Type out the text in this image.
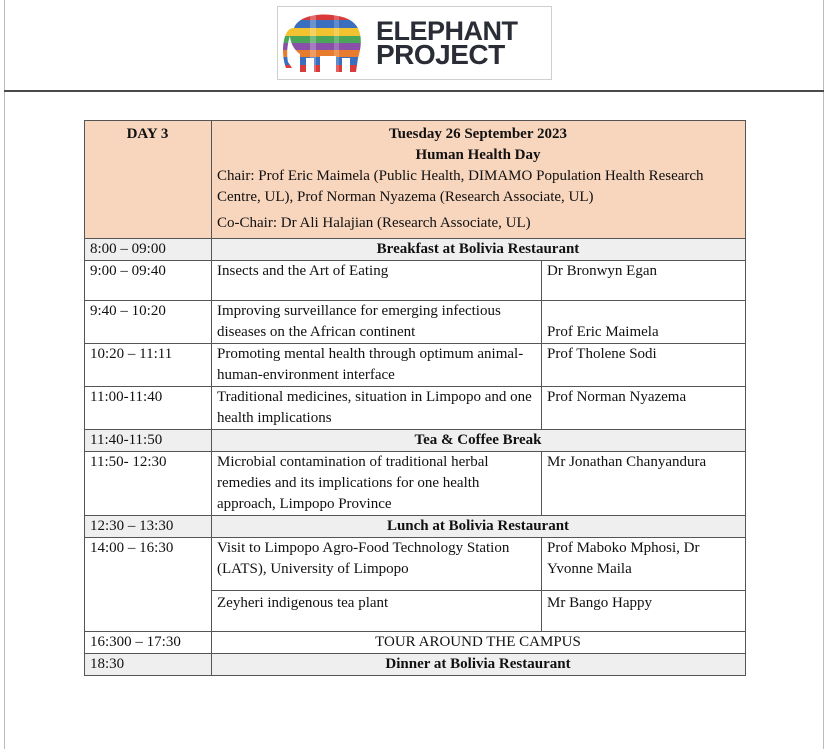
ELEPHANT
PROJECT
DAY 3	Tuesday 26 September 2023
Human Health Day
Chair: Prof Eric Maimela (Public Health, DIMAMO Population Health Research Centre, UL), Prof Norman Nyazema (Research Associate, UL)
Co-Chair: Dr Ali Halajian (Research Associate, UL)	

8:00 – 09:00	Breakfast at Bolivia Restaurant	
9:00 – 09:40	Insects and the Art of Eating	Dr Bronwyn Egan
9:40 – 10:20	Improving surveillance for emerging infectious diseases on the African continent	Prof Eric Maimela
10:20 – 11:11	Promoting mental health through optimum animal-human-environment interface	Prof Tholene Sodi
11:00-11:40	Traditional medicines, situation in Limpopo and one health implications	Prof Norman Nyazema
11:40-11:50	Tea & Coffee Break	
11:50- 12:30	Microbial contamination of traditional herbal remedies and its implications for one health approach, Limpopo Province	Mr Jonathan Chanyandura
12:30 – 13:30	Lunch at Bolivia Restaurant	
14:00 – 16:30	Visit to Limpopo Agro-Food Technology Station (LATS), University of Limpopo	Prof Maboko Mphosi, Dr Yvonne Maila
	Zeyheri indigenous tea plant	Mr Bango Happy
16:300 – 17:30	TOUR AROUND THE CAMPUS	
18:30	Dinner at Bolivia Restaurant	
